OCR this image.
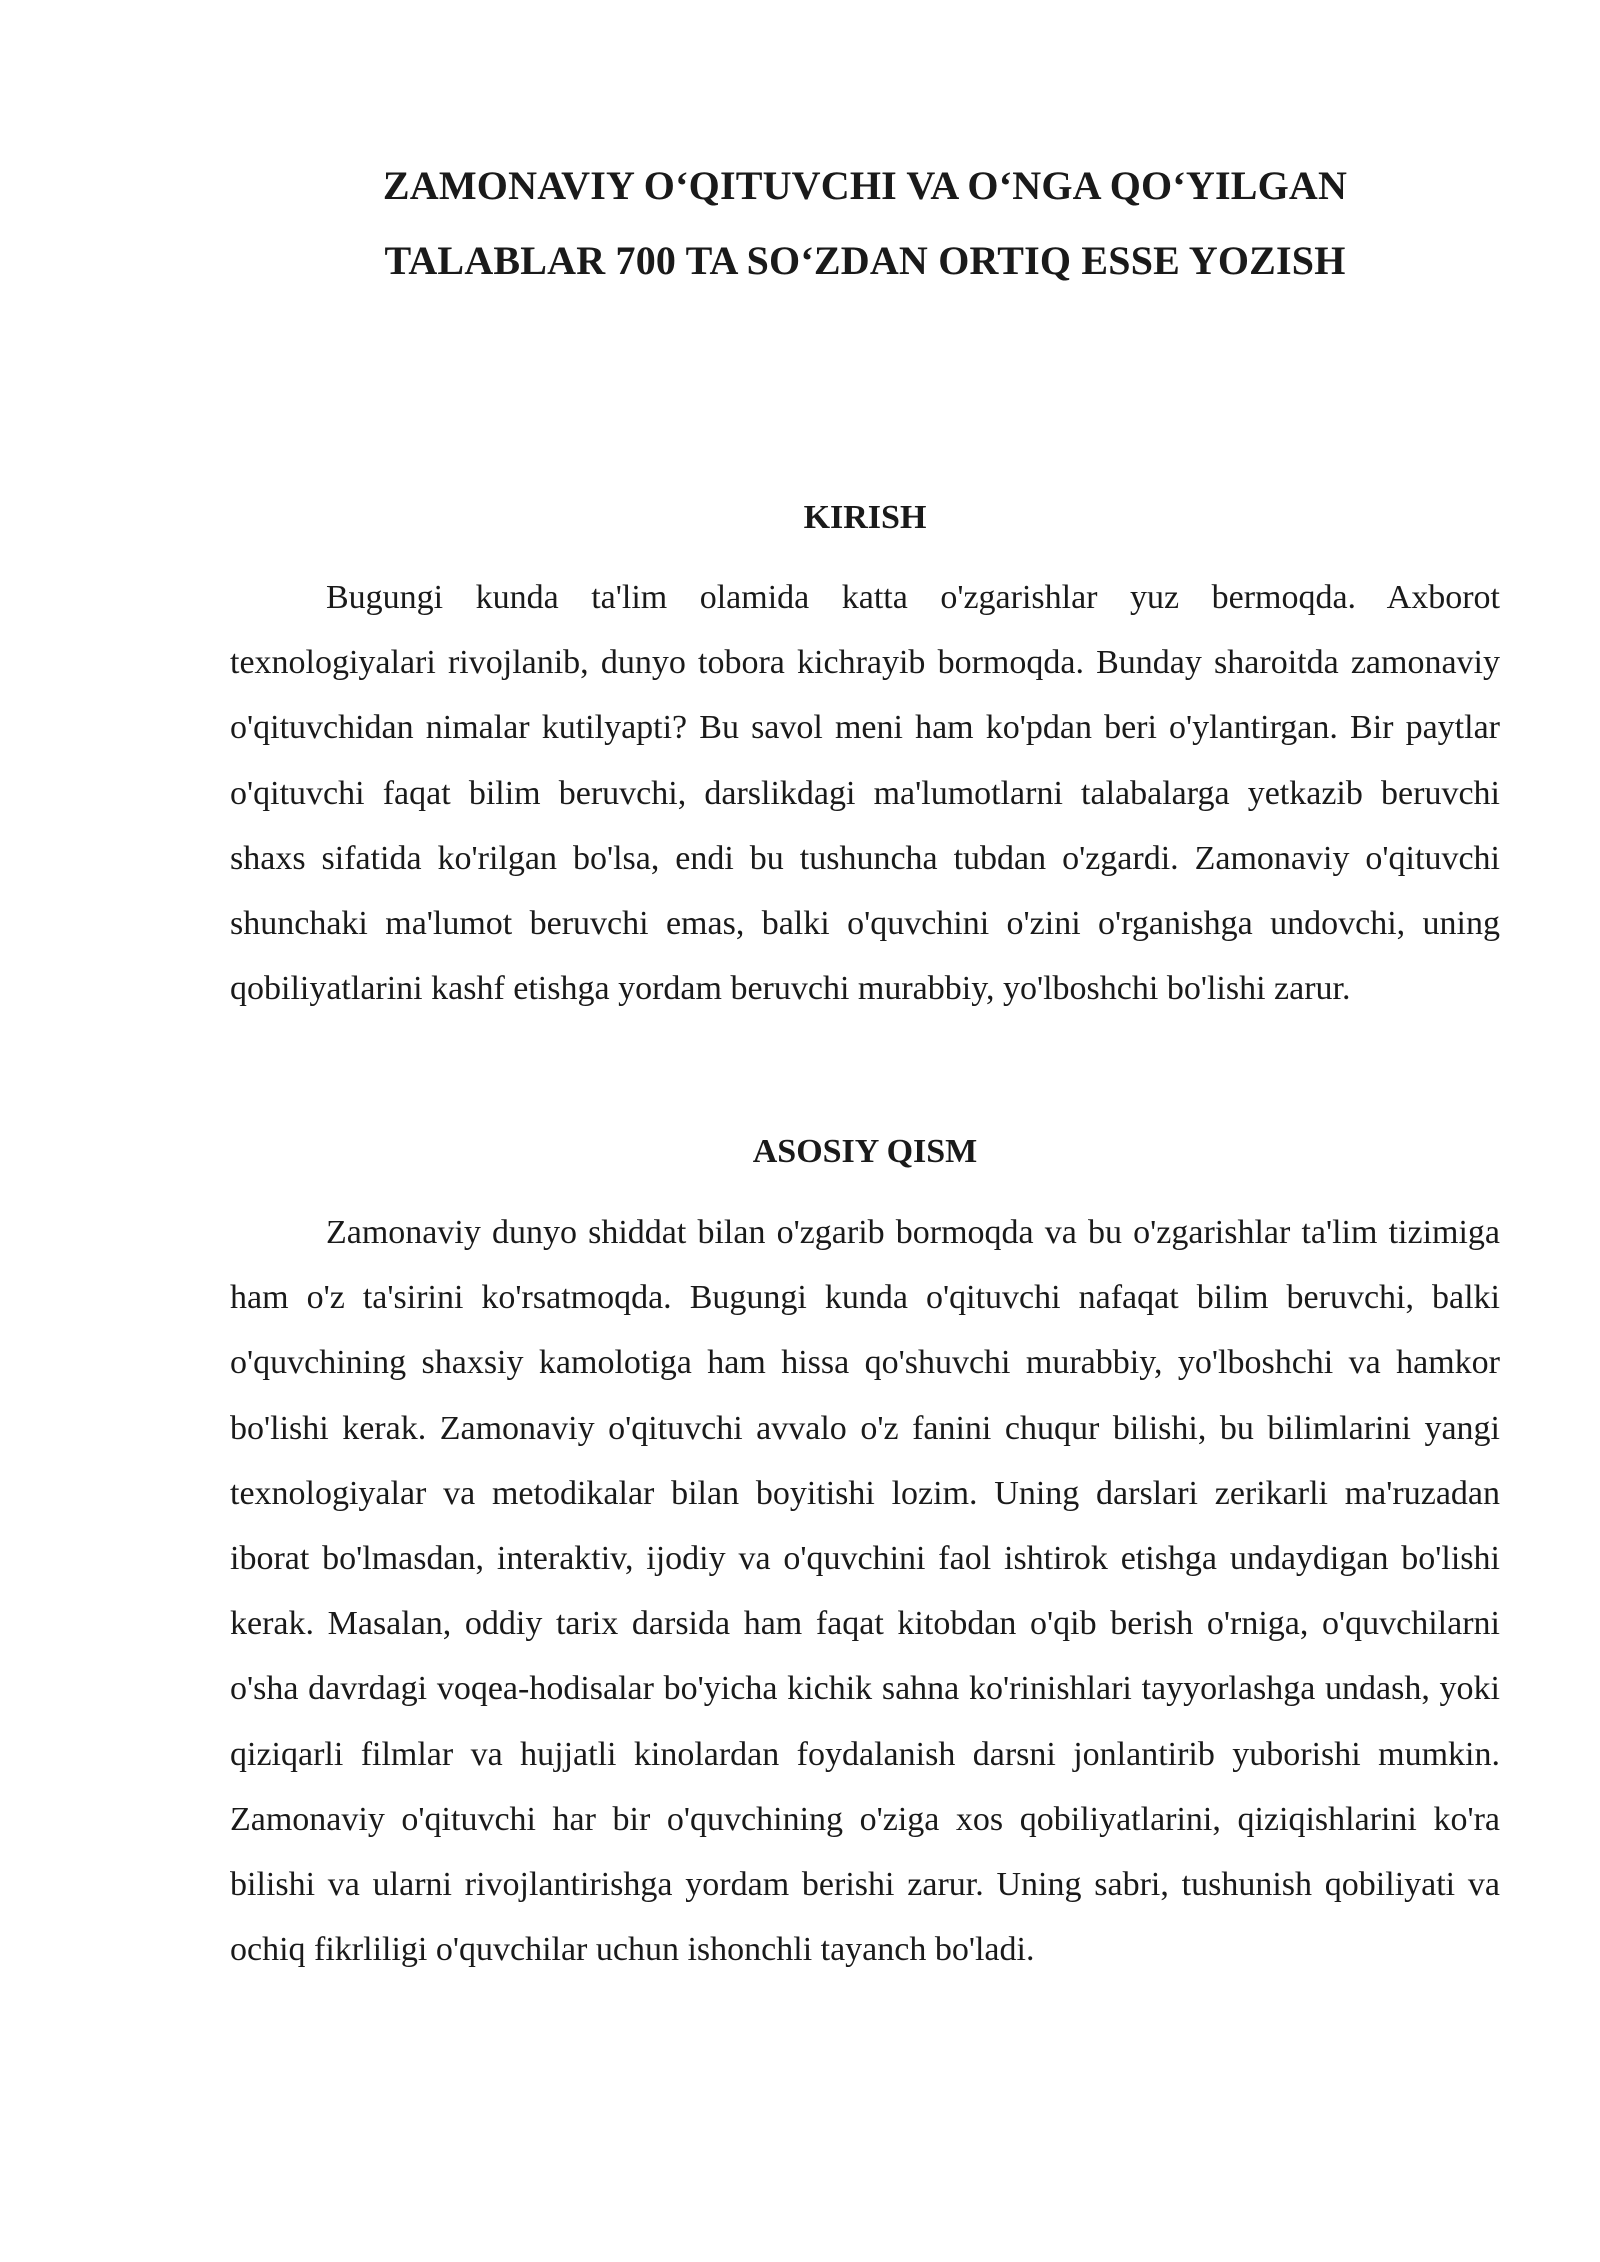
ZAMONAVIY O‘QITUVCHI VA O‘NGA QO‘YILGAN
TALABLAR 700 TA SO‘ZDAN ORTIQ ESSE YOZISH
KIRISH

Bugungi kunda ta'lim olamida katta o'zgarishlar yuz bermoqda. Axborot texnologiyalari rivojlanib, dunyo tobora kichrayib bormoqda. Bunday sharoitda zamonaviy o'qituvchidan nimalar kutilyapti? Bu savol meni ham ko'pdan beri o'ylantirgan. Bir paytlar o'qituvchi faqat bilim beruvchi, darslikdagi ma'lumotlarni talabalarga yetkazib beruvchi shaxs sifatida ko'rilgan bo'lsa, endi bu tushuncha tubdan o'zgardi. Zamonaviy o'qituvchi shunchaki ma'lumot beruvchi emas, balki o'quvchini o'zini o'rganishga undovchi, uning qobiliyatlarini kashf etishga yordam beruvchi murabbiy, yo'lboshchi bo'lishi zarur.

ASOSIY QISM

Zamonaviy dunyo shiddat bilan o'zgarib bormoqda va bu o'zgarishlar ta'lim tizimiga ham o'z ta'sirini ko'rsatmoqda. Bugungi kunda o'qituvchi nafaqat bilim beruvchi, balki o'quvchining shaxsiy kamolotiga ham hissa qo'shuvchi murabbiy, yo'lboshchi va hamkor bo'lishi kerak. Zamonaviy o'qituvchi avvalo o'z fanini chuqur bilishi, bu bilimlarini yangi texnologiyalar va metodikalar bilan boyitishi lozim. Uning darslari zerikarli ma'ruzadan iborat bo'lmasdan, interaktiv, ijodiy va o'quvchini faol ishtirok etishga undaydigan bo'lishi kerak. Masalan, oddiy tarix darsida ham faqat kitobdan o'qib berish o'rniga, o'quvchilarni o'sha davrdagi voqea-hodisalar bo'yicha kichik sahna ko'rinishlari tayyorlashga undash, yoki qiziqarli filmlar va hujjatli kinolardan foydalanish darsni jonlantirib yuborishi mumkin. Zamonaviy o'qituvchi har bir o'quvchining o'ziga xos qobiliyatlarini, qiziqishlarini ko'ra bilishi va ularni rivojlantirishga yordam berishi zarur. Uning sabri, tushunish qobiliyati va ochiq fikrliligi o'quvchilar uchun ishonchli tayanch bo'ladi.
